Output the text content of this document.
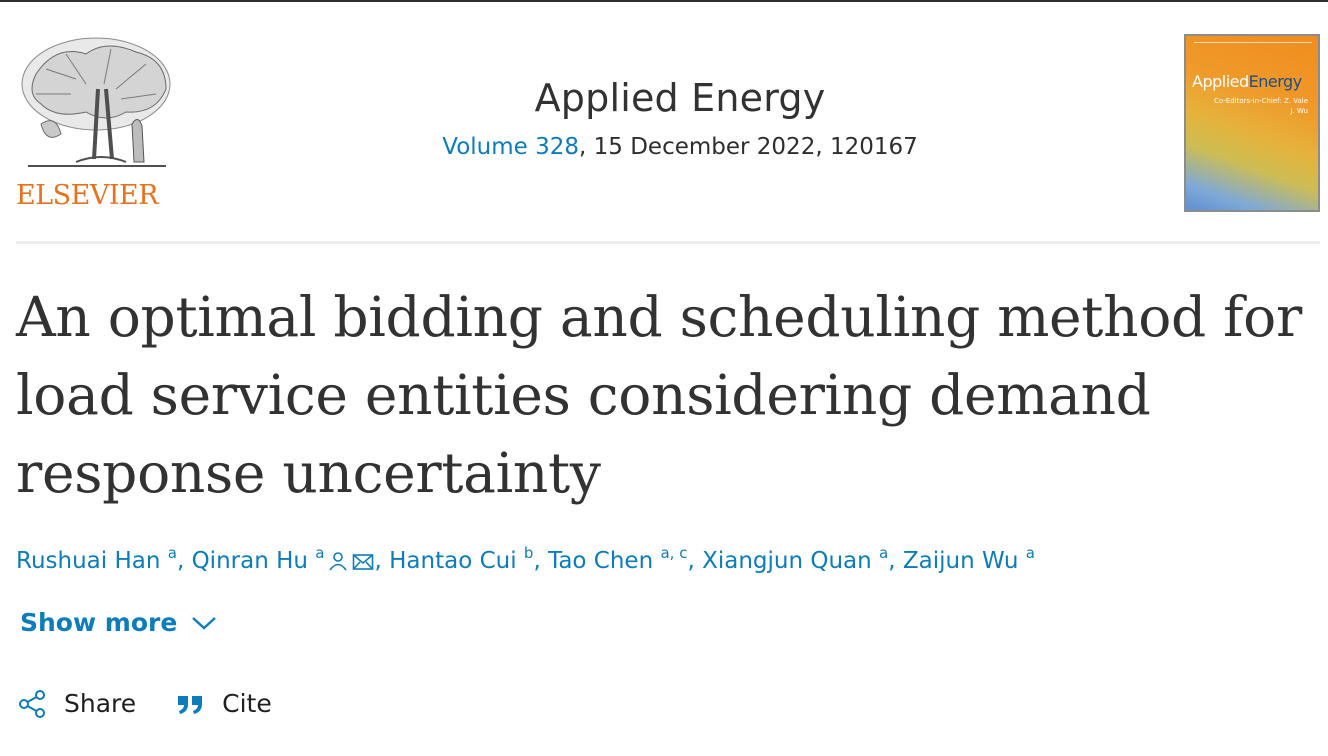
ELSEVIER
Applied Energy
Volume 328, 15 December 2022, 120167
AppliedEnergy
Co-Editors-in-Chief: Z. Vale
J. Wu
An optimal bidding and scheduling method for load service entities considering demand response uncertainty
Rushuai Han $^a$, Qinran Hu $^a$ , Hantao Cui $^b$, Tao Chen $^{a, c}$, Xiangjun Quan $^a$, Zaijun Wu $^a$
Show more
Share	Cite
